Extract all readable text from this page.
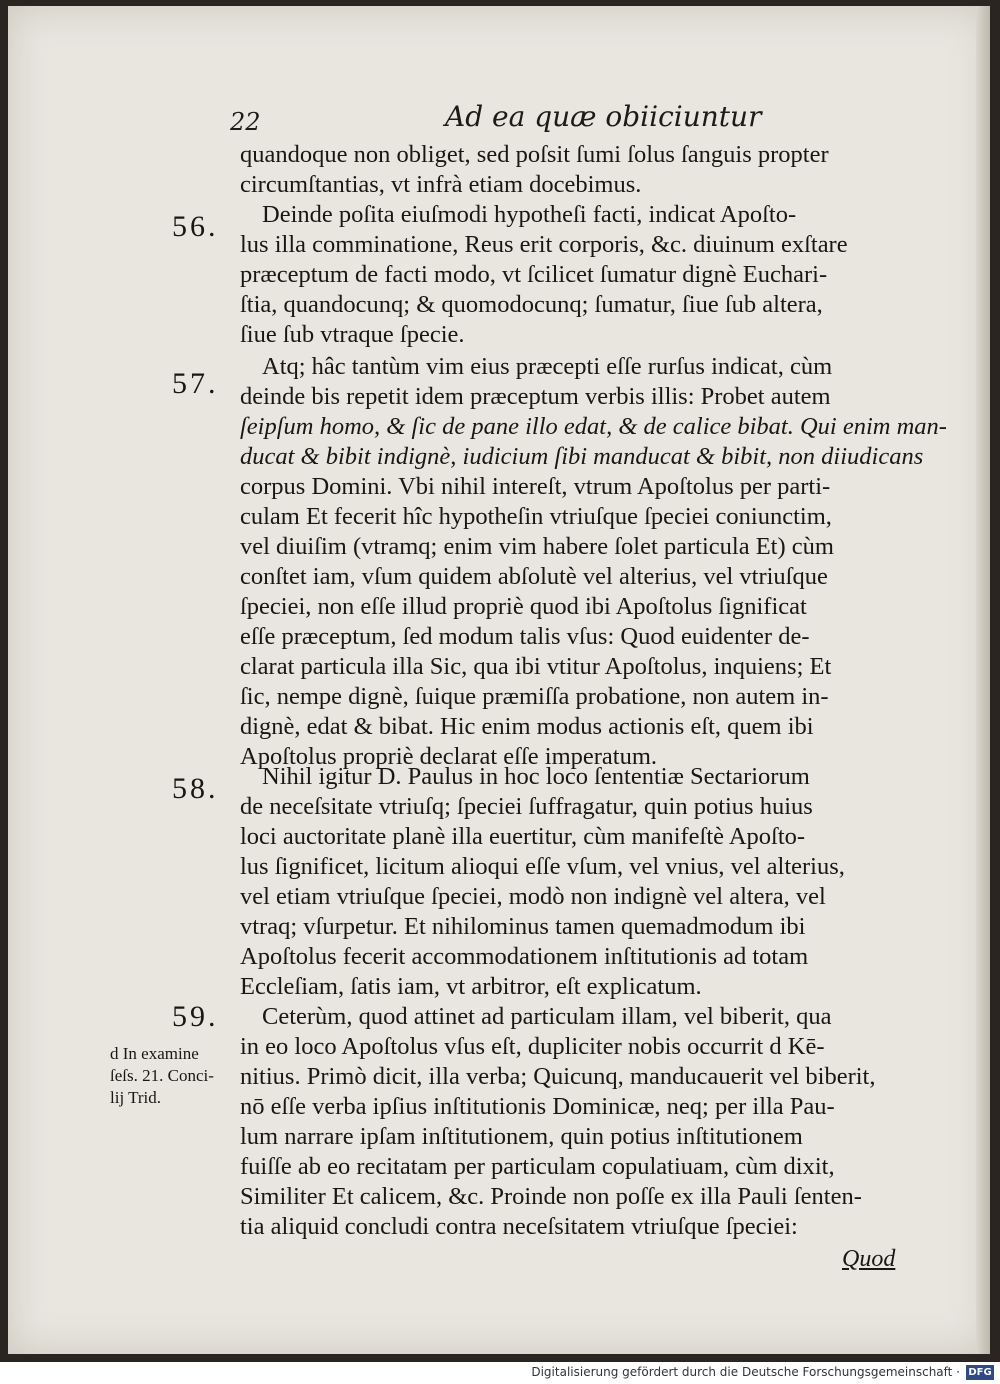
22	Ad ea quæ obiiciuntur
quandoque non obliget, sed poſsit ſumi ſolus ſanguis propter
circumſtantias, vt infrà etiam docebimus.
56. Deinde poſita eiuſmodi hypotheſi facti, indicat Apoſto-
lus illa comminatione, Reus erit corporis, &c. diuinum exſtare
præceptum de facti modo, vt ſcilicet ſumatur dignè Euchari-
ſtia, quandocunq; & quomodocunq; ſumatur, ſiue ſub altera,
ſiue ſub vtraque ſpecie.
57.
Atq; hâc tantùm vim eius præcepti eſſe rurſus indicat, cùm
deinde bis repetit idem præceptum verbis illis: Probet autem
ſeipſum homo, & ſic de pane illo edat, & de calice bibat. Qui enim man-
ducat & bibit indignè, iudicium ſibi manducat & bibit, non diiudicans
corpus Domini. Vbi nihil intereſt, vtrum Apoſtolus per parti-
culam Et fecerit hîc hypotheſin vtriuſque ſpeciei coniunctim,
vel diuiſim (vtramq; enim vim habere ſolet particula Et) cùm
conſtet iam, vſum quidem abſolutè vel alterius, vel vtriuſque
ſpeciei, non eſſe illud propriè quod ibi Apoſtolus ſignificat
eſſe præceptum, ſed modum talis vſus: Quod euidenter de-
clarat particula illa Sic, qua ibi vtitur Apoſtolus, inquiens; Et
ſic, nempe dignè, ſuique præmiſſa probatione, non autem in-
dignè, edat & bibat. Hic enim modus actionis eſt, quem ibi
Apoſtolus propriè declarat eſſe imperatum.
58. Nihil igitur D. Paulus in hoc loco ſententiæ Sectariorum
de neceſsitate vtriuſq; ſpeciei ſuffragatur, quin potius huius
loci auctoritate planè illa euertitur, cùm manifeſtè Apoſto-
lus ſignificet, licitum alioqui eſſe vſum, vel vnius, vel alterius,
vel etiam vtriuſque ſpeciei, modò non indignè vel altera, vel
vtraq; vſurpetur. Et nihilominus tamen quemadmodum ibi
Apoſtolus fecerit accommodationem inſtitutionis ad totam
Eccleſiam, ſatis iam, vt arbitror, eſt explicatum.
59. Ceterùm, quod attinet ad particulam illam, vel biberit, qua
in eo loco Apoſtolus vſus eſt, dupliciter nobis occurrit d Kē-
nitius. Primò dicit, illa verba; Quicunq, manducauerit vel biberit,
nō eſſe verba ipſius inſtitutionis Dominicæ, neq; per illa Pau-
lum narrare ipſam inſtitutionem, quin potius inſtitutionem
fuiſſe ab eo recitatam per particulam copulatiuam, cùm dixit,
Similiter Et calicem, &c. Proinde non poſſe ex illa Pauli ſenten-
tia aliquid concludi contra neceſsitatem vtriuſque ſpeciei:
d In examine
ſeſs. 21. Conci-
lij Trid.
Quod
Digitalisierung gefördert durch die Deutsche Forschungsgemeinschaft · DFG
